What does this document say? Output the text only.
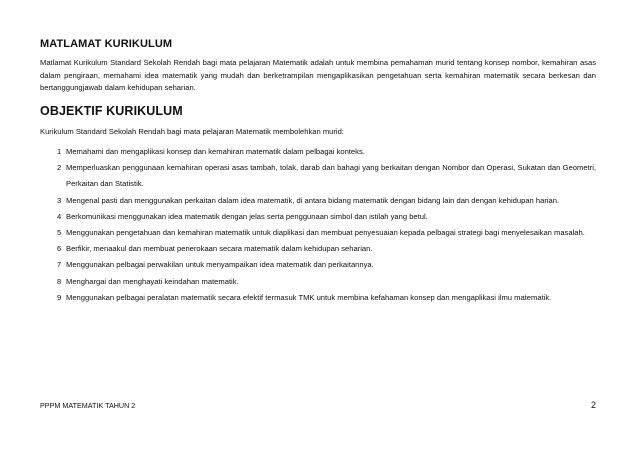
MATLAMAT KURIKULUM

Matlamat Kurikulum Standard Sekolah Rendah bagi mata pelajaran Matematik adalah untuk membina pemahaman murid tentang konsep nombor, kemahiran asas dalam pengiraan, memahami idea matematik yang mudah dan berketrampilan mengaplikasikan pengetahuan serta kemahiran matematik secara berkesan dan bertanggungjawab dalam kehidupan seharian.

OBJEKTIF KURIKULUM

Kurikulum Standard Sekolah Rendah bagi mata pelajaran Matematik membolehkan murid:

1 Memahami dan mengaplikasi konsep dan kemahiran matematik dalam pelbagai konteks.
2 Memperluaskan penggunaan kemahiran operasi asas tambah, tolak, darab dan bahagi yang berkaitan dengan Nombor dan Operasi, Sukatan dan Geometri, Perkaitan dan Statistik.
3 Mengenal pasti dan menggunakan perkaitan dalam idea matematik, di antara bidang matematik dengan bidang lain dan dengan kehidupan harian.
4 Berkomunikasi menggunakan idea matematik dengan jelas serta penggunaan simbol dan istilah yang betul.
5 Menggunakan pengetahuan dan kemahiran matematik untuk diaplikasi dan membuat penyesuaian kepada pelbagai strategi bagi menyelesaikan masalah.
6 Berfikir, menaakul dan membuat penerokaan secara matematik dalam kehidupan seharian.
7 Menggunakan pelbagai perwakilan untuk menyampaikan idea matematik dan perkaitannya.
8 Menghargai dan menghayati keindahan matematik.
9 Menggunakan pelbagai peralatan matematik secara efektif termasuk TMK untuk membina kefahaman konsep dan mengaplikasi ilmu matematik.
PPPM MATEMATIK TAHUN 2	2
